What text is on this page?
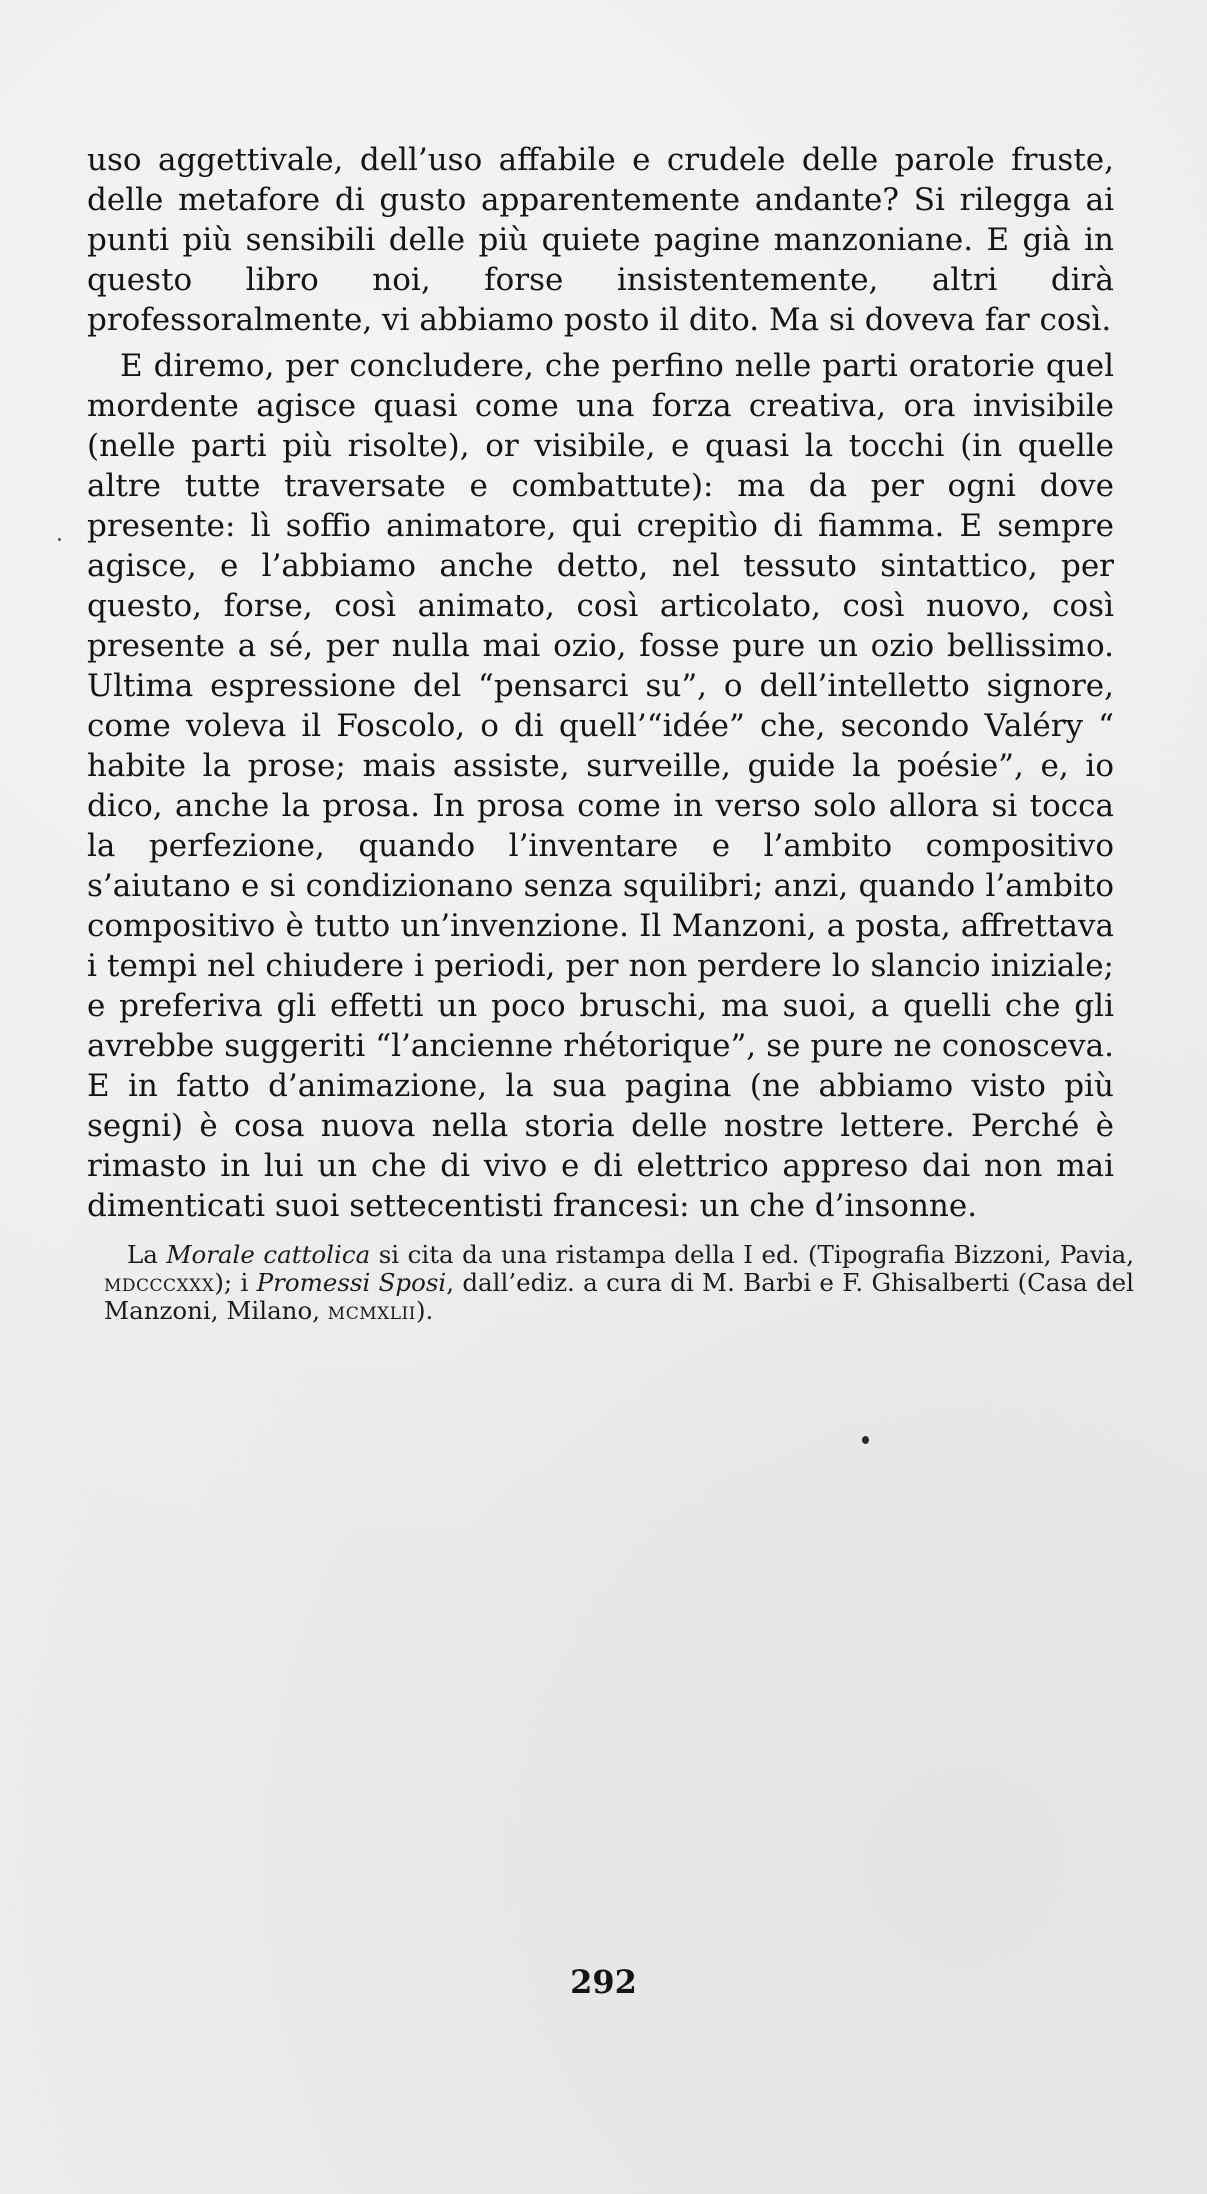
uso aggettivale, dell’uso affabile e crudele delle parole fruste, delle metafore di gusto apparentemente andante? Si rilegga ai punti più sensibili delle più quiete pagine manzoniane. E già in questo libro noi, forse insistentemente, altri dirà professoralmente, vi abbiamo posto il dito. Ma si doveva far così.

E diremo, per concludere, che perfino nelle parti oratorie quel mordente agisce quasi come una forza creativa, ora invisibile (nelle parti più risolte), or visibile, e quasi la tocchi (in quelle altre tutte traversate e combattute): ma da per ogni dove presente: lì soffio animatore, qui crepitìo di fiamma. E sempre agisce, e l’abbiamo anche detto, nel tessuto sintattico, per questo, forse, così animato, così articolato, così nuovo, così presente a sé, per nulla mai ozio, fosse pure un ozio bellissimo. Ultima espressione del “pensarci su”, o dell’intelletto signore, come voleva il Foscolo, o di quell’“idée” che, secondo Valéry “ habite la prose; mais assiste, surveille, guide la poésie”, e, io dico, anche la prosa. In prosa come in verso solo allora si tocca la perfezione, quando l’inventare e l’ambito compositivo s’aiutano e si condizionano senza squilibri; anzi, quando l’ambito compositivo è tutto un’invenzione. Il Manzoni, a posta, affrettava i tempi nel chiudere i periodi, per non perdere lo slancio iniziale; e preferiva gli effetti un poco bruschi, ma suoi, a quelli che gli avrebbe suggeriti “l’ancienne rhétorique”, se pure ne conosceva. E in fatto d’animazione, la sua pagina (ne abbiamo visto più segni) è cosa nuova nella storia delle nostre lettere. Perché è rimasto in lui un che di vivo e di elettrico appreso dai non mai dimenticati suoi settecentisti francesi: un che d’insonne.

La Morale cattolica si cita da una ristampa della I ed. (Tipografia Bizzoni, Pavia, mdcccxxx); i Promessi Sposi, dall’ediz. a cura di M. Barbi e F. Ghisalberti (Casa del Manzoni, Milano, mcmxlii).

292
